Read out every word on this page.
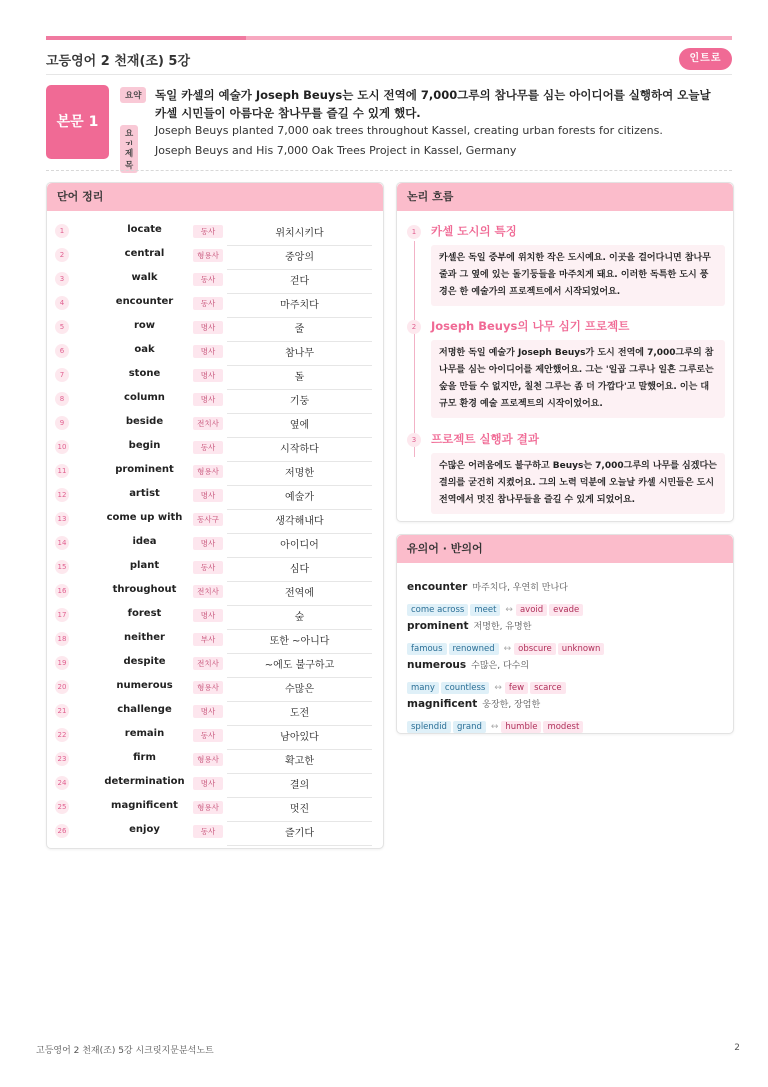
고등영어 2 천재(조) 5강	인트로
본문 1
요약	독일 카셀의 예술가 Joseph Beuys는 도시 전역에 7,000그루의 참나무를 심는 아이디어를 실행하여 오늘날 카셀 시민들이 아름다운 참나무를 즐길 수 있게 했다.
요	Joseph Beuys planted 7,000 oak trees throughout Kassel, creating urban forests for citizens.
제목
Joseph Beuys and His 7,000 Oak Trees Project in Kassel, Germany
단어 정리
1	locate	동사	위치시키다
2	central	형용사	중앙의
3	walk	동사	걷다
4	encounter	동사	마주치다
5	row	명사	줄
6	oak	명사	참나무
7	stone	명사	돌
8	column	명사	기둥
9	beside	전치사	옆에
10	begin	동사	시작하다
11	prominent	형용사	저명한
12	artist	명사	예술가
13	come up with	동사구	생각해내다
14	idea	명사	아이디어
15	plant	동사	심다
16	throughout	전치사	전역에
17	forest	명사	숲
18	neither	부사	또한 ~아니다
19	despite	전치사	~에도 불구하고
20	numerous	형용사	수많은
21	challenge	명사	도전
22	remain	동사	남아있다
23	firm	형용사	확고한
24	determination	명사	결의
25	magnificent	형용사	멋진
26	enjoy	동사	즐기다
논리 흐름
1	카셀 도시의 특징
카셀은 독일 중부에 위치한 작은 도시예요. 이곳을 걸어다니면 참나무 줄과 그 옆에 있는 돌기둥들을 마주치게 돼요. 이러한 독특한 도시 풍경은 한 예술가의 프로젝트에서 시작되었어요.
2	Joseph Beuys의 나무 심기 프로젝트
저명한 독일 예술가 Joseph Beuys가 도시 전역에 7,000그루의 참나무를 심는 아이디어를 제안했어요. 그는 '일곱 그루나 일흔 그루로는 숲을 만들 수 없지만, 칠천 그루는 좀 더 가깝다'고 말했어요. 이는 대규모 환경 예술 프로젝트의 시작이었어요.
3	프로젝트 실행과 결과
수많은 어려움에도 불구하고 Beuys는 7,000그루의 나무를 심겠다는 결의를 굳건히 지켰어요. 그의 노력 덕분에 오늘날 카셀 시민들은 도시 전역에서 멋진 참나무들을 즐길 수 있게 되었어요.
유의어 · 반의어
encounter 마주치다, 우연히 만나다
come across meet ↔ avoid evade
prominent 저명한, 유명한
famous renowned ↔ obscure unknown
numerous 수많은, 다수의
many countless ↔ few scarce
magnificent 웅장한, 장엄한
splendid grand ↔ humble modest
고등영어 2 천재(조) 5강 시크릿지문분석노트	2
